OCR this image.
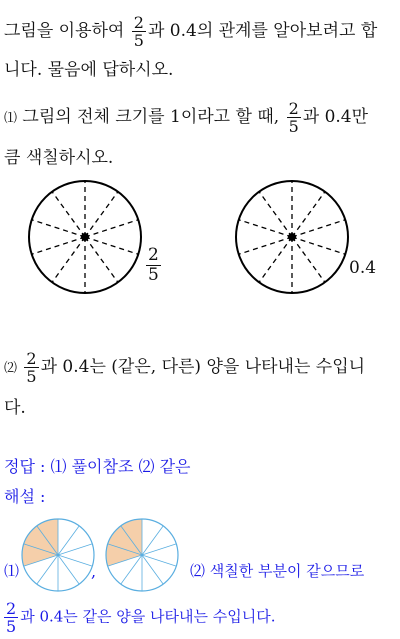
그림을 이용하여 $\frac{2}{5}$ 과 0.4의 관계를 알아보려고 합
니다. 물음에 답하시오.
⑴ 그림의 전체 크기를 1이라고 할 때, $\frac{2}{5}$ 과 0.4만
큼 색칠하시오.
$\frac{2}{5}$	0.4
⑵ $\frac{2}{5}$ 과 0.4는 (같은, 다른) 양을 나타내는 수입니
다.
정답 : ⑴ 풀이참조 ⑵ 같은
해설 :
⑴	,	⑵ 색칠한 부분이 같으므로
$\frac{2}{5}$ 과 0.4는 같은 양을 나타내는 수입니다.
